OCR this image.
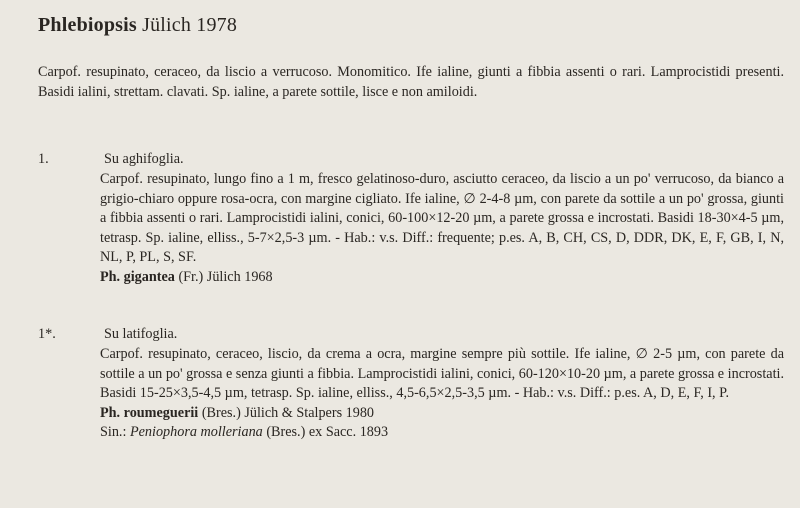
Phlebiopsis Jülich 1978
Carpof. resupinato, ceraceo, da liscio a verrucoso. Monomitico. Ife ialine, giunti a fibbia assenti o rari. Lamprocistidi presenti. Basidi ialini, strettam. clavati. Sp. ialine, a parete sottile, lisce e non amiloidi.
1.	Su aghifoglia.
Carpof. resupinato, lungo fino a 1 m, fresco gelatinoso-duro, asciutto ceraceo, da liscio a un po' verrucoso, da bianco a grigio-chiaro oppure rosa-ocra, con margine cigliato. Ife ialine, ∅ 2-4-8 µm, con parete da sottile a un po' grossa, giunti a fibbia assenti o rari. Lamprocistidi ialini, conici, 60-100×12-20 µm, a parete grossa e incrostati. Basidi 18-30×4-5 µm, tetrasp. Sp. ialine, elliss., 5-7×2,5-3 µm. - Hab.: v.s. Diff.: frequente; p.es. A, B, CH, CS, D, DDR, DK, E, F, GB, I, N, NL, P, PL, S, SF.
Ph. gigantea (Fr.) Jülich 1968
1*.	Su latifoglia.
Carpof. resupinato, ceraceo, liscio, da crema a ocra, margine sempre più sottile. Ife ialine, ∅ 2-5 µm, con parete da sottile a un po' grossa e senza giunti a fibbia. Lamprocistidi ialini, conici, 60-120×10-20 µm, a parete grossa e incrostati. Basidi 15-25×3,5-4,5 µm, tetrasp. Sp. ialine, elliss., 4,5-6,5×2,5-3,5 µm. - Hab.: v.s. Diff.: p.es. A, D, E, F, I, P.
Ph. roumeguerii (Bres.) Jülich & Stalpers 1980
Sin.: Peniophora molleriana (Bres.) ex Sacc. 1893
